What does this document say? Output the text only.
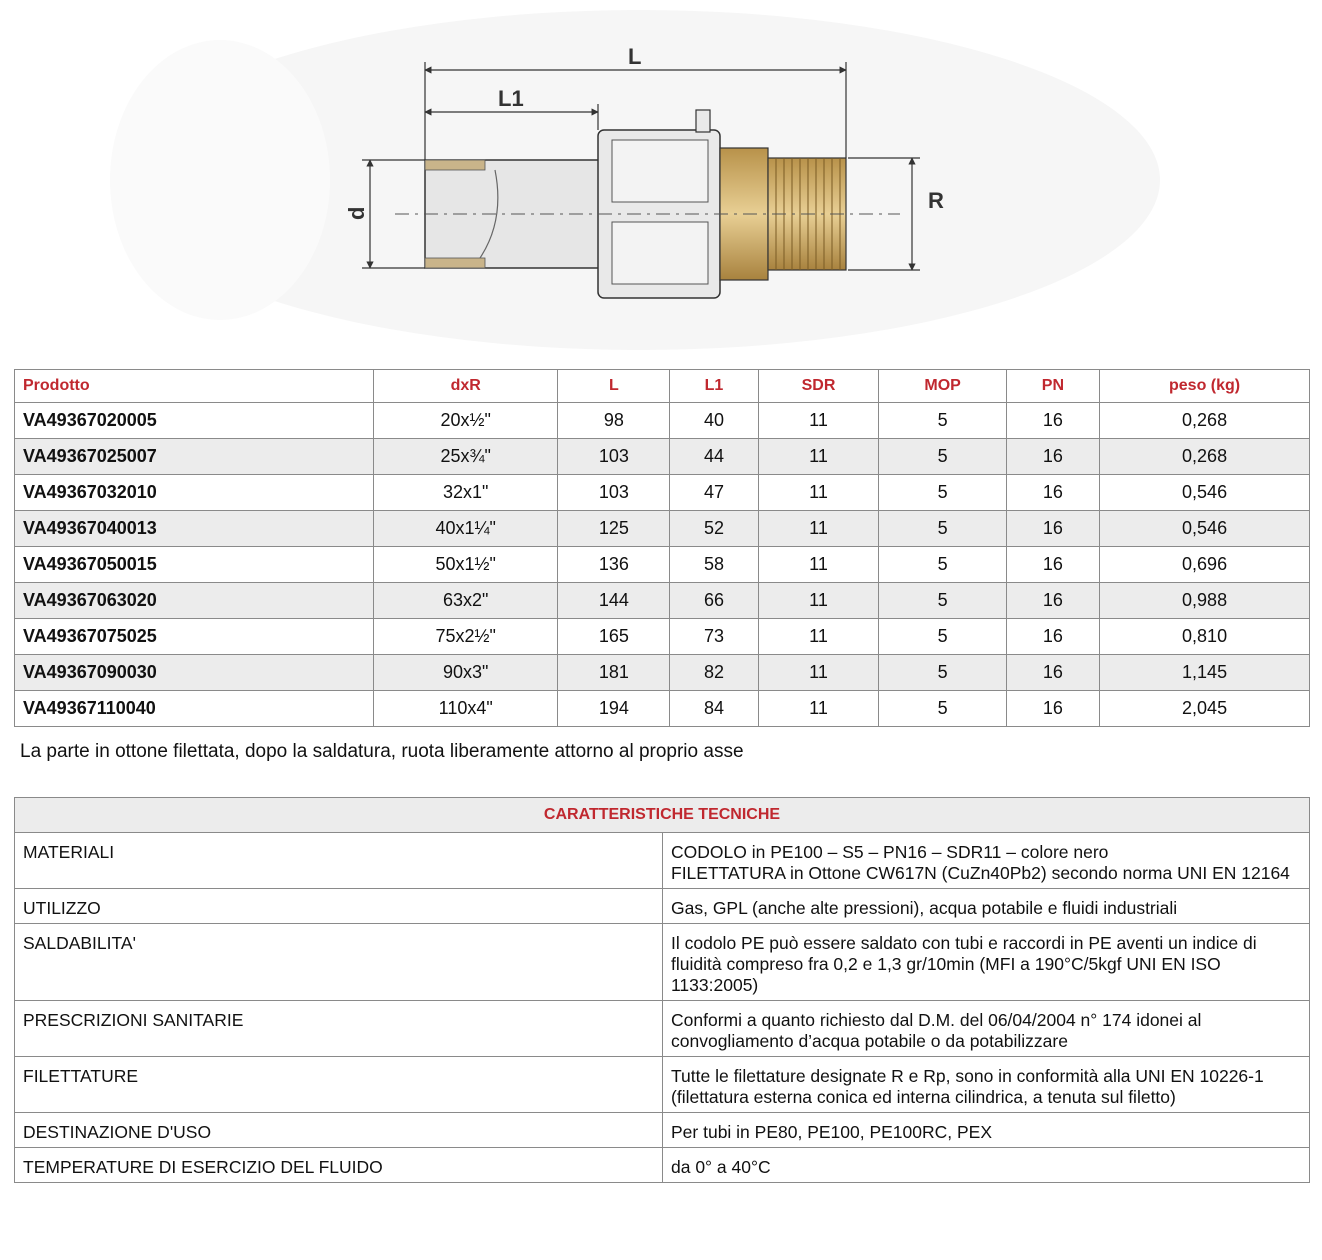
L
L1
d
R
Prodotto	dxR	L	L1	SDR	MOP	PN	peso (kg)
VA49367020005	20x½"	98	40	11	5	16	0,268
VA49367025007	25x¾"	103	44	11	5	16	0,268
VA49367032010	32x1"	103	47	11	5	16	0,546
VA49367040013	40x1¼"	125	52	11	5	16	0,546
VA49367050015	50x1½"	136	58	11	5	16	0,696
VA49367063020	63x2"	144	66	11	5	16	0,988
VA49367075025	75x2½"	165	73	11	5	16	0,810
VA49367090030	90x3"	181	82	11	5	16	1,145
VA49367110040	110x4"	194	84	11	5	16	2,045
La parte in ottone filettata, dopo la saldatura, ruota liberamente attorno al proprio asse
CARATTERISTICHE TECNICHE	
MATERIALI	CODOLO in PE100 – S5 – PN16 – SDR11 – colore nero
FILETTATURA in Ottone CW617N (CuZn40Pb2) secondo norma UNI EN 12164

UTILIZZO	Gas, GPL (anche alte pressioni), acqua potabile e fluidi industriali

SALDABILITA'	Il codolo PE può essere saldato con tubi e raccordi in PE aventi un indice di fluidità compreso fra 0,2 e 1,3 gr/10min (MFI a 190°C/5kgf UNI EN ISO 1133:2005)

PRESCRIZIONI SANITARIE	Conformi a quanto richiesto dal D.M. del 06/04/2004 n° 174 idonei al convogliamento d’acqua potabile o da potabilizzare

FILETTATURE	Tutte le filettature designate R e Rp, sono in conformità alla UNI EN 10226-1 (filettatura esterna conica ed interna cilindrica, a tenuta sul filetto)

DESTINAZIONE D'USO	Per tubi in PE80, PE100, PE100RC, PEX

TEMPERATURE DI ESERCIZIO DEL FLUIDO	da 0° a 40°C
